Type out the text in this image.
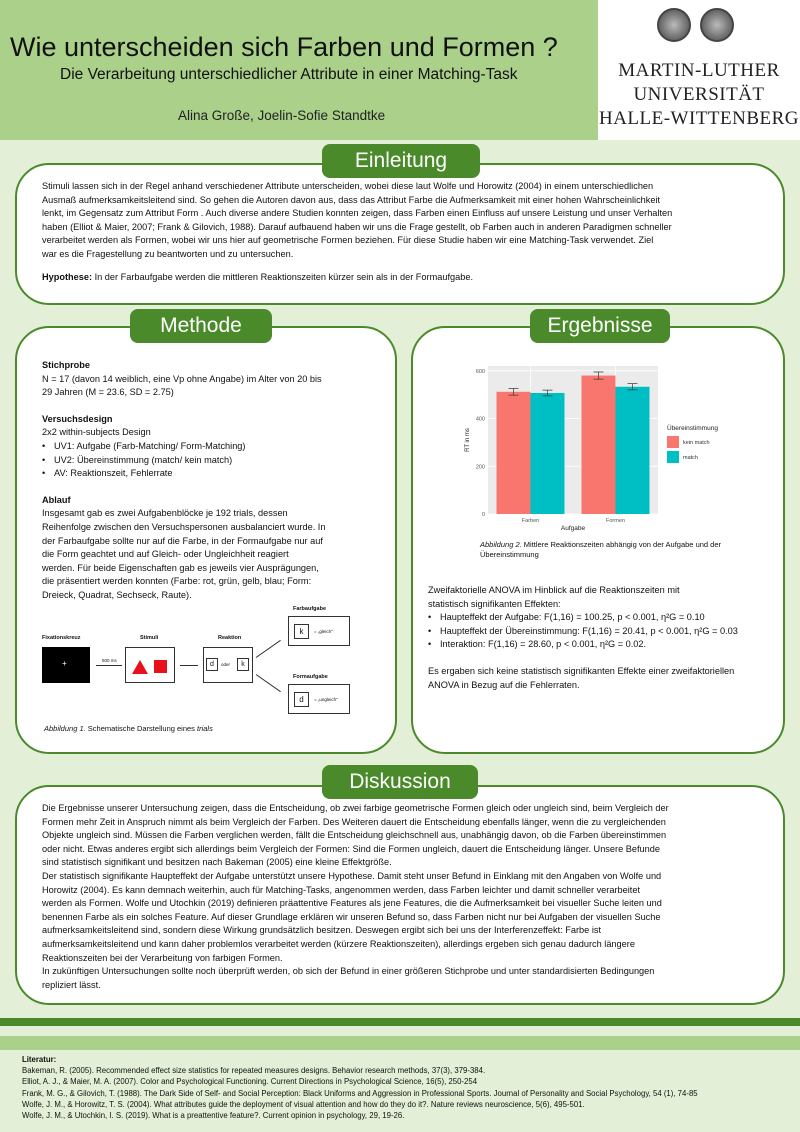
Wie unterscheiden sich Farben und Formen ?
Die Verarbeitung unterschiedlicher Attribute in einer Matching-Task
Alina Große, Joelin-Sofie Standtke
MARTIN-LUTHER
UNIVERSITÄT
HALLE-WITTENBERG
Einleitung
Stimuli lassen sich in der Regel anhand verschiedener Attribute unterscheiden, wobei diese laut Wolfe und Horowitz (2004) in einem unterschiedlichen
Ausmaß aufmerksamkeitsleitend sind. So gehen die Autoren davon aus, dass das Attribut Farbe die Aufmerksamkeit mit einer hohen Wahrscheinlichkeit
lenkt, im Gegensatz zum Attribut Form . Auch diverse andere Studien konnten zeigen, dass Farben einen Einfluss auf unsere Leistung und unser Verhalten
haben (Elliot & Maier, 2007; Frank & Gilovich, 1988). Darauf aufbauend haben wir uns die Frage gestellt, ob Farben auch in anderen Paradigmen schneller
verarbeitet werden als Formen, wobei wir uns hier auf geometrische Formen beziehen. Für diese Studie haben wir eine Matching-Task verwendet. Ziel
war es die Fragestellung zu beantworten und zu untersuchen.
Hypothese: In der Farbaufgabe werden die mittleren Reaktionszeiten kürzer sein als in der Formaufgabe.
Methode
Stichprobe
N = 17 (davon 14 weiblich, eine Vp ohne Angabe) im Alter von 20 bis
29 Jahren (M = 23.6, SD = 2.75)
Versuchsdesign
2x2 within-subjects Design
• UV1: Aufgabe (Farb-Matching/ Form-Matching)
• UV2: Übereinstimmung (match/ kein match)
• AV: Reaktionszeit, Fehlerrate
Ablauf
Insgesamt gab es zwei Aufgabenblöcke je 192 trials, dessen
Reihenfolge zwischen den Versuchspersonen ausbalanciert wurde. In
der Farbaufgabe sollte nur auf die Farbe, in der Formaufgabe nur auf
die Form geachtet und auf Gleich- oder Ungleichheit reagiert
werden. Für beide Eigenschaften gab es jeweils vier Ausprägungen,
die präsentiert werden konnten (Farbe: rot, grün, gelb, blau; Form:
Dreieck, Quadrat, Sechseck, Raute).
Farbaufgabe
k	= „gleich"
Fixationskreuz
+	500 ms
Stimuli	Reaktion
d	oder	k
Formaufgabe
d	= „ungleich"
Abbildung 1. Schematische Darstellung eines trials
Ergebnisse
0
200
400
600
Farben	Formen
RT in ms
Aufgabe
Übereinstimmung
kein match
match
Abbildung 2. Mittlere Reaktionszeiten abhängig von der Aufgabe und der Übereinstimmung
Zweifaktorielle ANOVA im Hinblick auf die Reaktionszeiten mit
statistisch signifikanten Effekten:
• Haupteffekt der Aufgabe: F(1,16) = 100.25, p < 0.001, η²G = 0.10
• Haupteffekt der Übereinstimmung: F(1,16) = 20.41, p < 0.001, η²G = 0.03
• Interaktion: F(1,16) = 28.60, p < 0.001, η²G = 0.02.
Es ergaben sich keine statistisch signifikanten Effekte einer zweifaktoriellen
ANOVA in Bezug auf die Fehlerraten.
Diskussion
Die Ergebnisse unserer Untersuchung zeigen, dass die Entscheidung, ob zwei farbige geometrische Formen gleich oder ungleich sind, beim Vergleich der
Formen mehr Zeit in Anspruch nimmt als beim Vergleich der Farben. Des Weiteren dauert die Entscheidung ebenfalls länger, wenn die zu vergleichenden
Objekte ungleich sind. Müssen die Farben verglichen werden, fällt die Entscheidung gleichschnell aus, unabhängig davon, ob die Farben übereinstimmen
oder nicht. Etwas anderes ergibt sich allerdings beim Vergleich der Formen: Sind die Formen ungleich, dauert die Entscheidung länger. Unsere Befunde
sind statistisch signifikant und besitzen nach Bakeman (2005) eine kleine Effektgröße.
Der statistisch signifikante Haupteffekt der Aufgabe unterstützt unsere Hypothese. Damit steht unser Befund in Einklang mit den Angaben von Wolfe und
Horowitz (2004). Es kann demnach weiterhin, auch für Matching-Tasks, angenommen werden, dass Farben leichter und damit schneller verarbeitet
werden als Formen. Wolfe und Utochkin (2019) definieren präattentive Features als jene Features, die die Aufmerksamkeit bei visueller Suche leiten und
benennen Farbe als ein solches Feature. Auf dieser Grundlage erklären wir unseren Befund so, dass Farben nicht nur bei Aufgaben der visuellen Suche
aufmerksamkeitsleitend sind, sondern diese Wirkung grundsätzlich besitzen. Deswegen ergibt sich bei uns der Interferenzeffekt: Farbe ist
aufmerksamkeitsleitend und kann daher problemlos verarbeitet werden (kürzere Reaktionszeiten), allerdings ergeben sich genau dadurch längere
Reaktionszeiten bei der Verarbeitung von farbigen Formen.
In zukünftigen Untersuchungen sollte noch überprüft werden, ob sich der Befund in einer größeren Stichprobe und unter standardisierten Bedingungen
repliziert lässt.
Literatur:
Bakeman, R. (2005). Recommended effect size statistics for repeated measures designs. Behavior research methods, 37(3), 379-384.
Elliot, A. J., & Maier, M. A. (2007). Color and Psychological Functioning. Current Directions in Psychological Science, 16(5), 250-254
Frank, M. G., & Gilovich, T. (1988). The Dark Side of Self- and Social Perception: Black Uniforms and Aggression in Professional Sports. Journal of Personality and Social Psychology, 54 (1), 74-85
Wolfe, J. M., & Horowitz, T. S. (2004). What attributes guide the deployment of visual attention and how do they do it?. Nature reviews neuroscience, 5(6), 495-501.
Wolfe, J. M., & Utochkin, I. S. (2019). What is a preattentive feature?. Current opinion in psychology, 29, 19-26.
